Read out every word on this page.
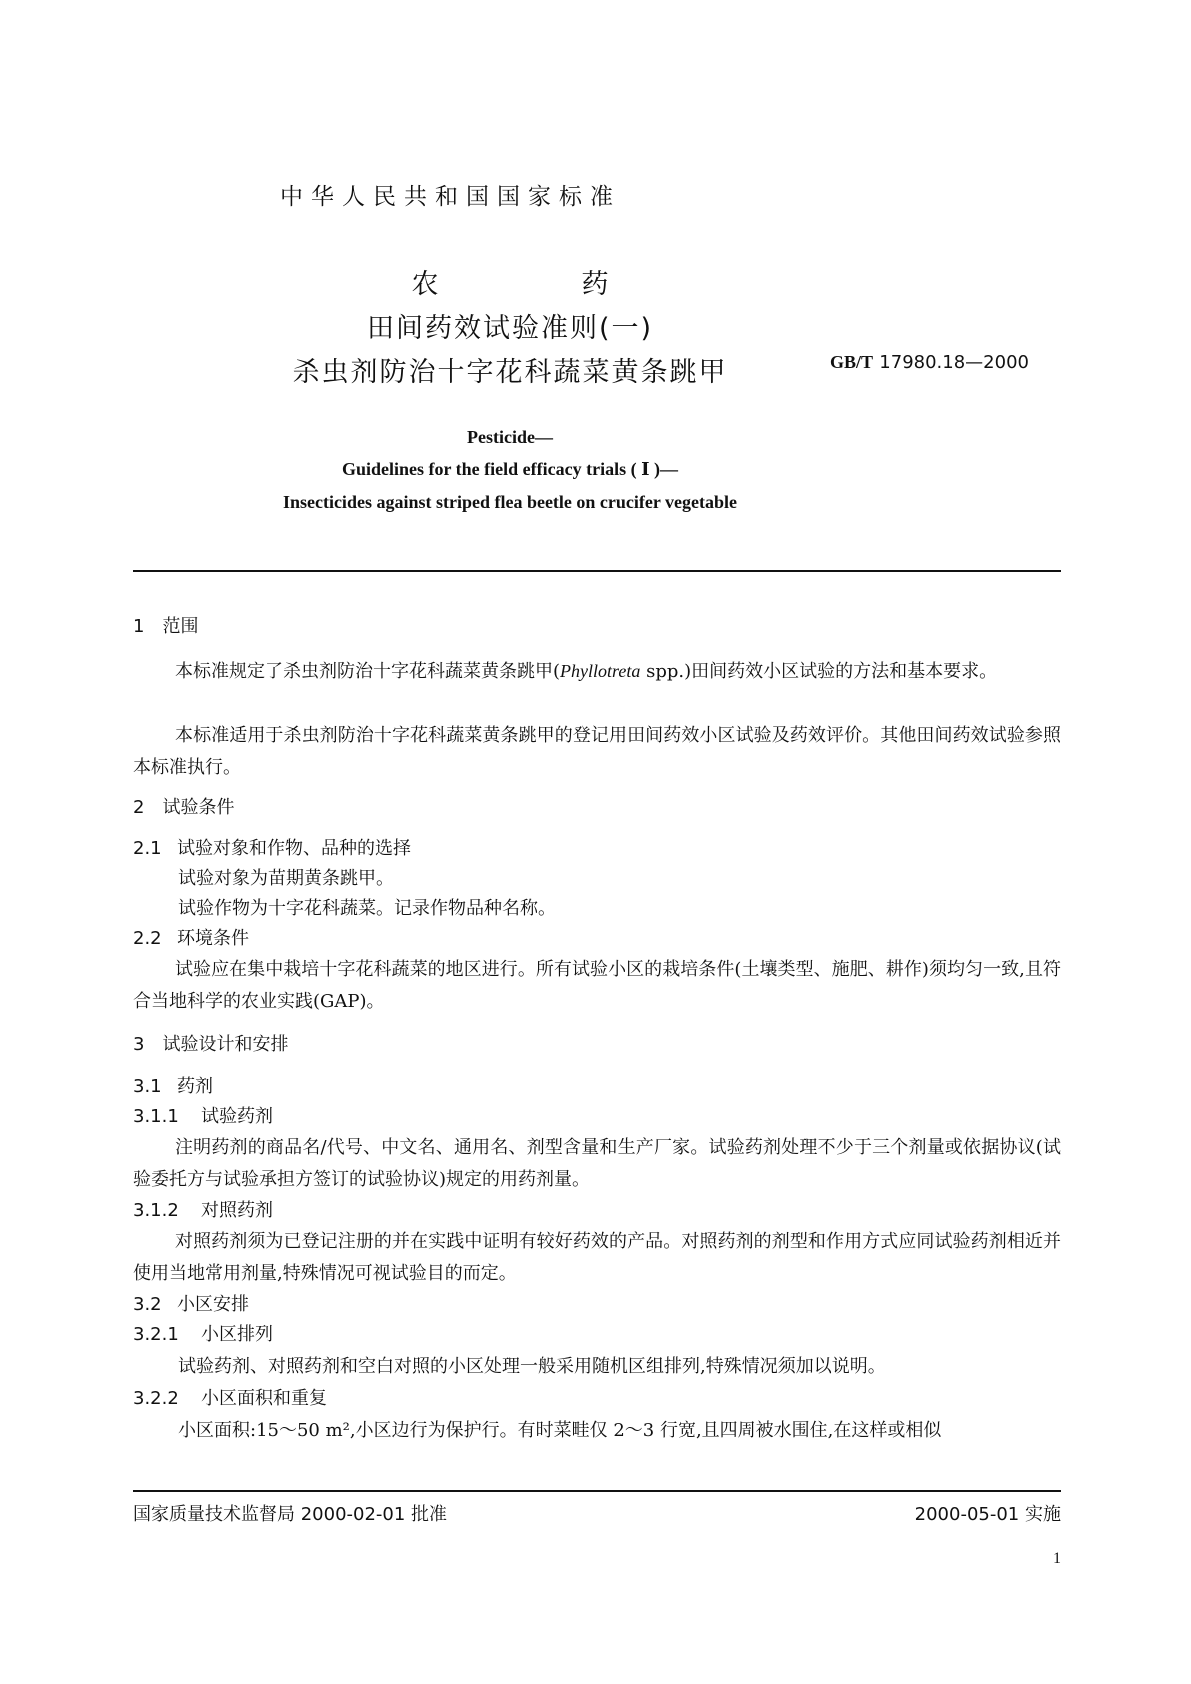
中华人民共和国国家标准
农　药
田间药效试验准则(一)
杀虫剂防治十字花科蔬菜黄条跳甲	GB/T 17980.18—2000
Pesticide—
Guidelines for the field efficacy trials ( Ⅰ )—
Insecticides against striped flea beetle on crucifer vegetable
1　范围
本标准规定了杀虫剂防治十字花科蔬菜黄条跳甲(Phyllotreta spp.)田间药效小区试验的方法和基本要求。
本标准适用于杀虫剂防治十字花科蔬菜黄条跳甲的登记用田间药效小区试验及药效评价。其他田间药效试验参照本标准执行。
2　试验条件
2.1 试验对象和作物、品种的选择
试验对象为苗期黄条跳甲。
试验作物为十字花科蔬菜。记录作物品种名称。
2.2 环境条件
试验应在集中栽培十字花科蔬菜的地区进行。所有试验小区的栽培条件(土壤类型、施肥、耕作)须均匀一致,且符合当地科学的农业实践(GAP)。
3　试验设计和安排
3.1 药剂
3.1.1 试验药剂
注明药剂的商品名/代号、中文名、通用名、剂型含量和生产厂家。试验药剂处理不少于三个剂量或依据协议(试验委托方与试验承担方签订的试验协议)规定的用药剂量。
3.1.2 对照药剂
对照药剂须为已登记注册的并在实践中证明有较好药效的产品。对照药剂的剂型和作用方式应同试验药剂相近并使用当地常用剂量,特殊情况可视试验目的而定。
3.2 小区安排
3.2.1 小区排列
试验药剂、对照药剂和空白对照的小区处理一般采用随机区组排列,特殊情况须加以说明。
3.2.2 小区面积和重复
小区面积:15～50 m²,小区边行为保护行。有时菜畦仅 2～3 行宽,且四周被水围住,在这样或相似
国家质量技术监督局 2000-02-01 批准	2000-05-01 实施
1
